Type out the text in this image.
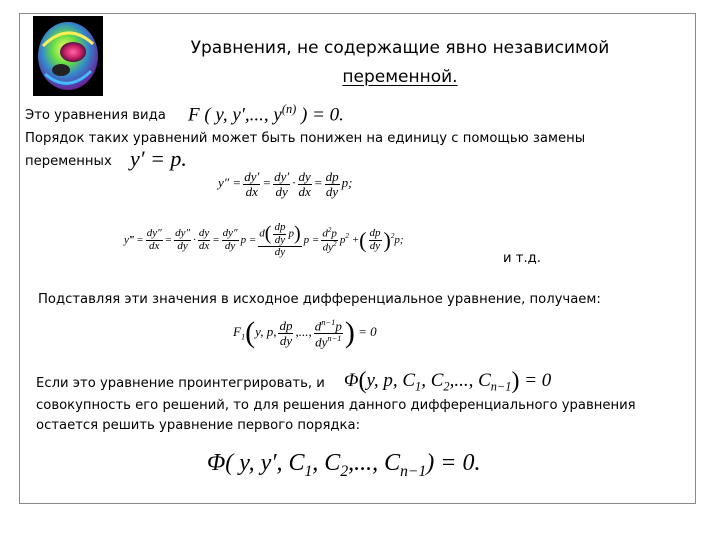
Уравнения, не содержащие явно независимой
переменной.
Это уравнения вида F ( y, y′,..., $y^{(n)}$ ) = 0.
Порядок таких уравнений может быть понижен на единицу с помощью замены
переменных y′ = p.
$y'' = \frac{dy'}{dx} = \frac{dy'}{dy} \cdot \frac{dy}{dx} = \frac{dp}{dy} p$;
y‴ = $\frac{dy''}{dx} = \frac{dy''}{dy} \cdot \frac{dy}{dx} = \frac{dy''}{dy}$ $p = \frac{d( \frac{dp}{dy} p)}{dy}$ $p = \frac{d^2p}{dy^2} p^2$ +( $\frac{dp}{dy} )^2p$;
и т.д.
Подставляя эти значения в исходное дифференциальное уравнение, получаем:
$F_1(y$, p, $\frac{dp}{dy}$ ,..., $\frac{d^{n-1}p}{dy^{n-1}}$ ) = 0
Если это уравнение проинтегрировать, и Φ(y, p, $C_1$, $C_2$,..., $C_{n-1}) = 0$
совокупность его решений, то для решения данного дифференциального уравнения
остается решить уравнение первого порядка:
Φ( y, y′, $C_1$, $C_2$,..., $C_{n-1}) = 0$.
